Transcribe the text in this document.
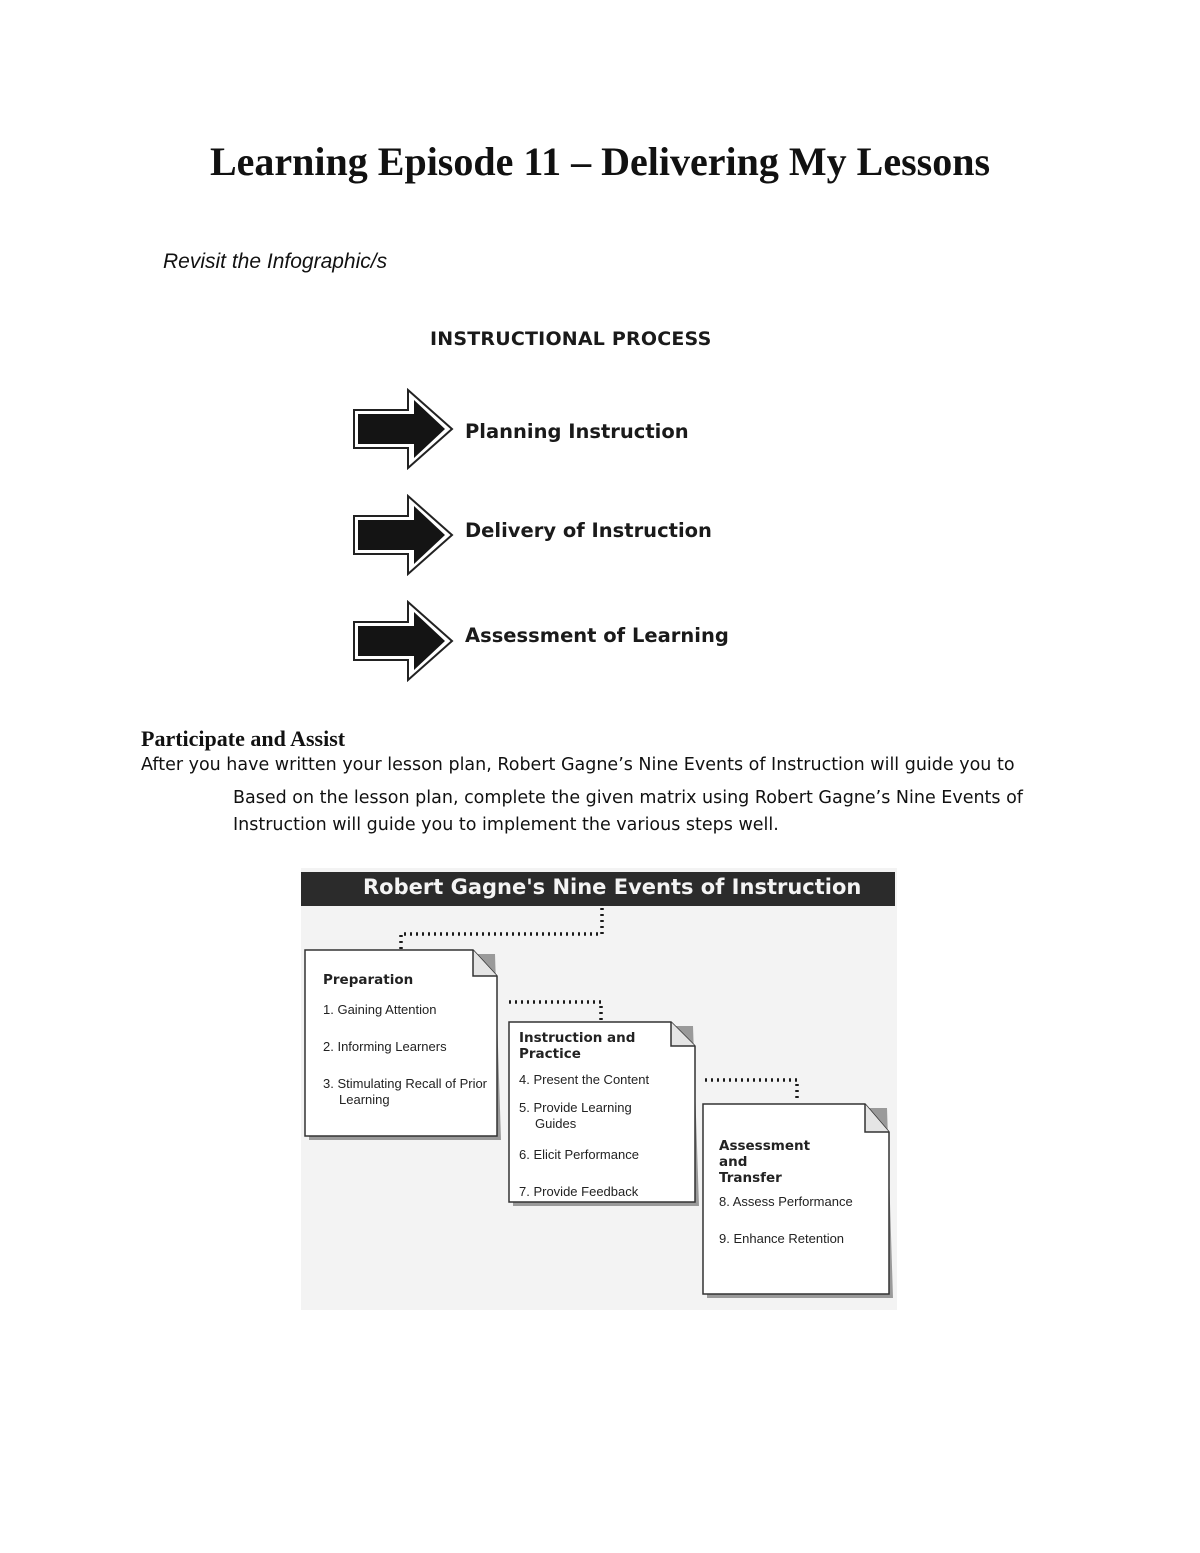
Learning Episode 11 – Delivering My Lessons
Revisit the Infographic/s
INSTRUCTIONAL PROCESS
Planning Instruction
Delivery of Instruction
Assessment of Learning
Participate and Assist
After you have written your lesson plan, Robert Gagne’s Nine Events of Instruction will guide you to
Based on the lesson plan, complete the given matrix using Robert Gagne’s Nine Events of Instruction will guide you to implement the various steps well.
Robert Gagne's Nine Events of Instruction
Preparation
1. Gaining Attention
2. Informing Learners
3. Stimulating Recall of Prior Learning
Instruction and Practice
4. Present the Content
5. Provide Learning Guides
6. Elicit Performance
7. Provide Feedback
Assessment and Transfer
8. Assess Performance
9. Enhance Retention
